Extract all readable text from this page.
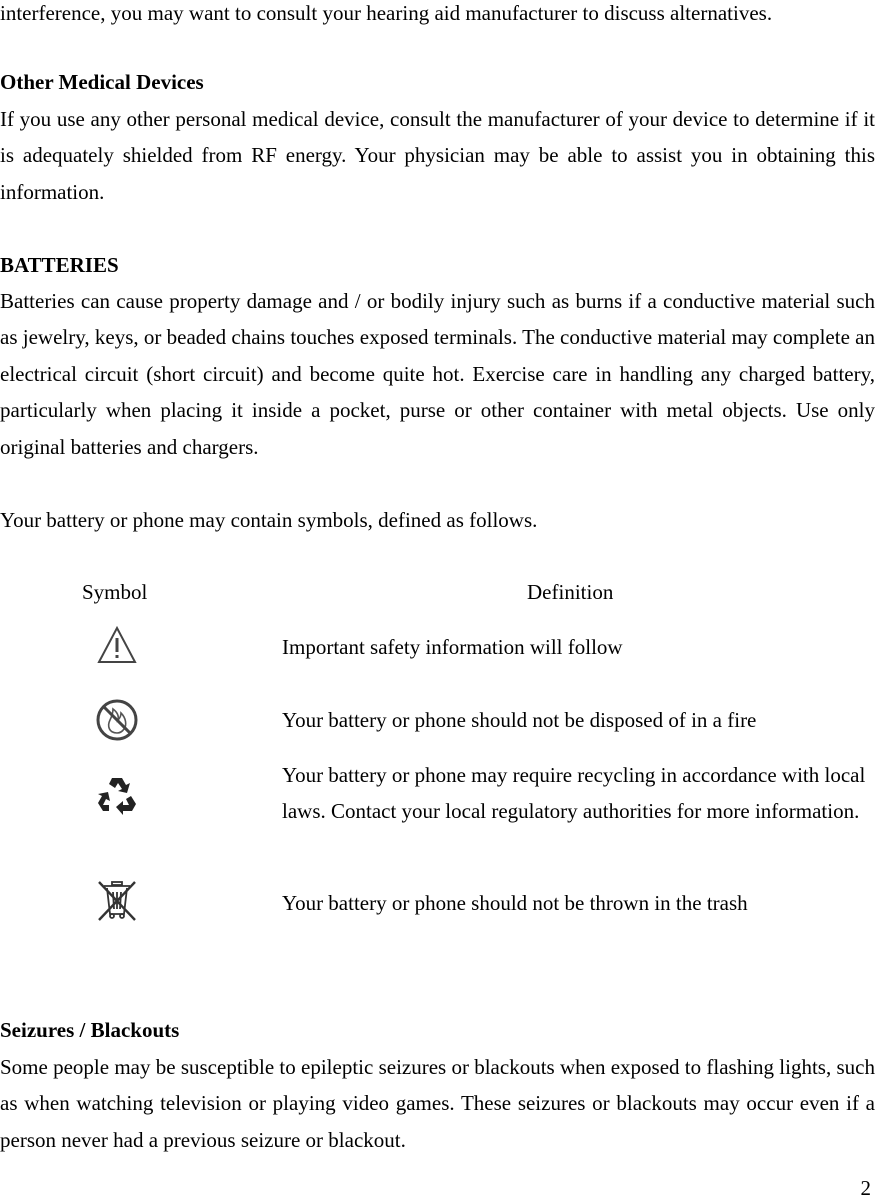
interference, you may want to consult your hearing aid manufacturer to discuss alternatives.

Other Medical Devices

If you use any other personal medical device, consult the manufacturer of your device to determine if it is adequately shielded from RF energy. Your physician may be able to assist you in obtaining this information.

BATTERIES

Batteries can cause property damage and / or bodily injury such as burns if a conductive material such as jewelry, keys, or beaded chains touches exposed terminals. The conductive material may complete an electrical circuit (short circuit) and become quite hot. Exercise care in handling any charged battery, particularly when placing it inside a pocket, purse or other container with metal objects. Use only original batteries and chargers.

Your battery or phone may contain symbols, defined as follows.

Symbol	Definition
Important safety information will follow
Your battery or phone should not be disposed of in a fire
Your battery or phone may require recycling in accordance with local laws. Contact your local regulatory authorities for more information.
Your battery or phone should not be thrown in the trash

Seizures / Blackouts

Some people may be susceptible to epileptic seizures or blackouts when exposed to flashing lights, such as when watching television or playing video games. These seizures or blackouts may occur even if a person never had a previous seizure or blackout.

2
